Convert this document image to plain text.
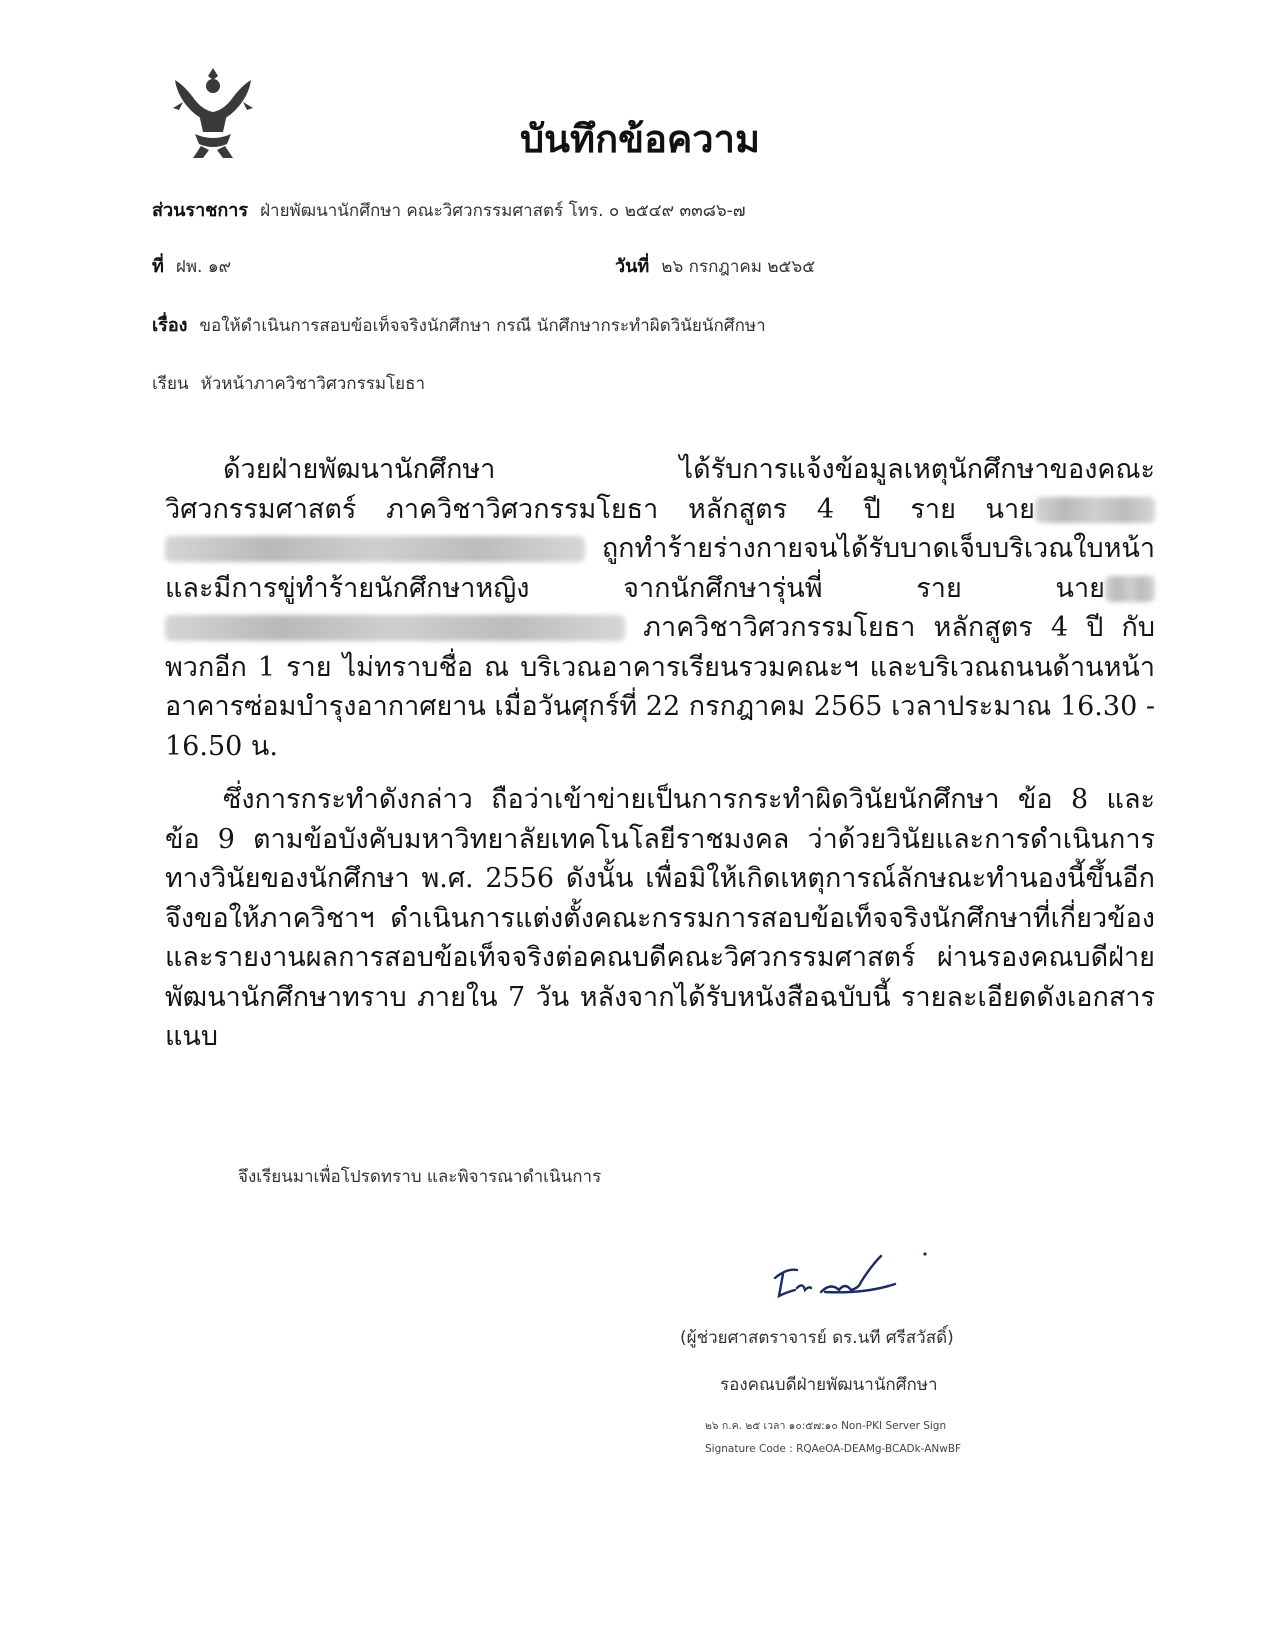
บันทึกข้อความ
ส่วนราชการ ฝ่ายพัฒนานักศึกษา คณะวิศวกรรมศาสตร์ โทร. ๐ ๒๕๔๙ ๓๓๘๖-๗
ที่ ฝพ. ๑๙	วันที่ ๒๖ กรกฎาคม ๒๕๖๕
เรื่อง ขอให้ดำเนินการสอบข้อเท็จจริงนักศึกษา กรณี นักศึกษากระทำผิดวินัยนักศึกษา
เรียน หัวหน้าภาควิชาวิศวกรรมโยธา

ด้วยฝ่ายพัฒนานักศึกษา ได้รับการแจ้งข้อมูลเหตุนักศึกษาของคณะวิศวกรรมศาสตร์ ภาควิชาวิศวกรรมโยธา หลักสูตร 4 ปี ราย นาย  ถูกทำร้ายร่างกายจนได้รับบาดเจ็บบริเวณใบหน้า และมีการขู่ทำร้ายนักศึกษาหญิง จากนักศึกษารุ่นพี่ ราย นาย  ภาควิชาวิศวกรรมโยธา หลักสูตร 4 ปี กับพวกอีก 1 ราย ไม่ทราบชื่อ ณ บริเวณอาคารเรียนรวมคณะฯ และบริเวณถนนด้านหน้าอาคารซ่อมบำรุงอากาศยาน เมื่อวันศุกร์ที่ 22 กรกฎาคม 2565 เวลาประมาณ 16.30 - 16.50 น.

ซึ่งการกระทำดังกล่าว ถือว่าเข้าข่ายเป็นการกระทำผิดวินัยนักศึกษา ข้อ 8 และ ข้อ 9 ตามข้อบังคับมหาวิทยาลัยเทคโนโลยีราชมงคล ว่าด้วยวินัยและการดำเนินการทางวินัยของนักศึกษา พ.ศ. 2556 ดังนั้น เพื่อมิให้เกิดเหตุการณ์ลักษณะทำนองนี้ขึ้นอีก จึงขอให้ภาควิชาฯ ดำเนินการแต่งตั้งคณะกรรมการสอบข้อเท็จจริงนักศึกษาที่เกี่ยวข้อง และรายงานผลการสอบข้อเท็จจริงต่อคณบดีคณะวิศวกรรมศาสตร์ ผ่านรองคณบดีฝ่ายพัฒนานักศึกษาทราบ ภายใน 7 วัน หลังจากได้รับหนังสือฉบับนี้ รายละเอียดดังเอกสารแนบ

จึงเรียนมาเพื่อโปรดทราบ และพิจารณาดำเนินการ
(ผู้ช่วยศาสตราจารย์ ดร.นที ศรีสวัสดิ์)
รองคณบดีฝ่ายพัฒนานักศึกษา
๒๖ ก.ค. ๒๕ เวลา ๑๐:๕๗:๑๐ Non-PKI Server Sign
Signature Code : RQAeOA-DEAMg-BCADk-ANwBF
